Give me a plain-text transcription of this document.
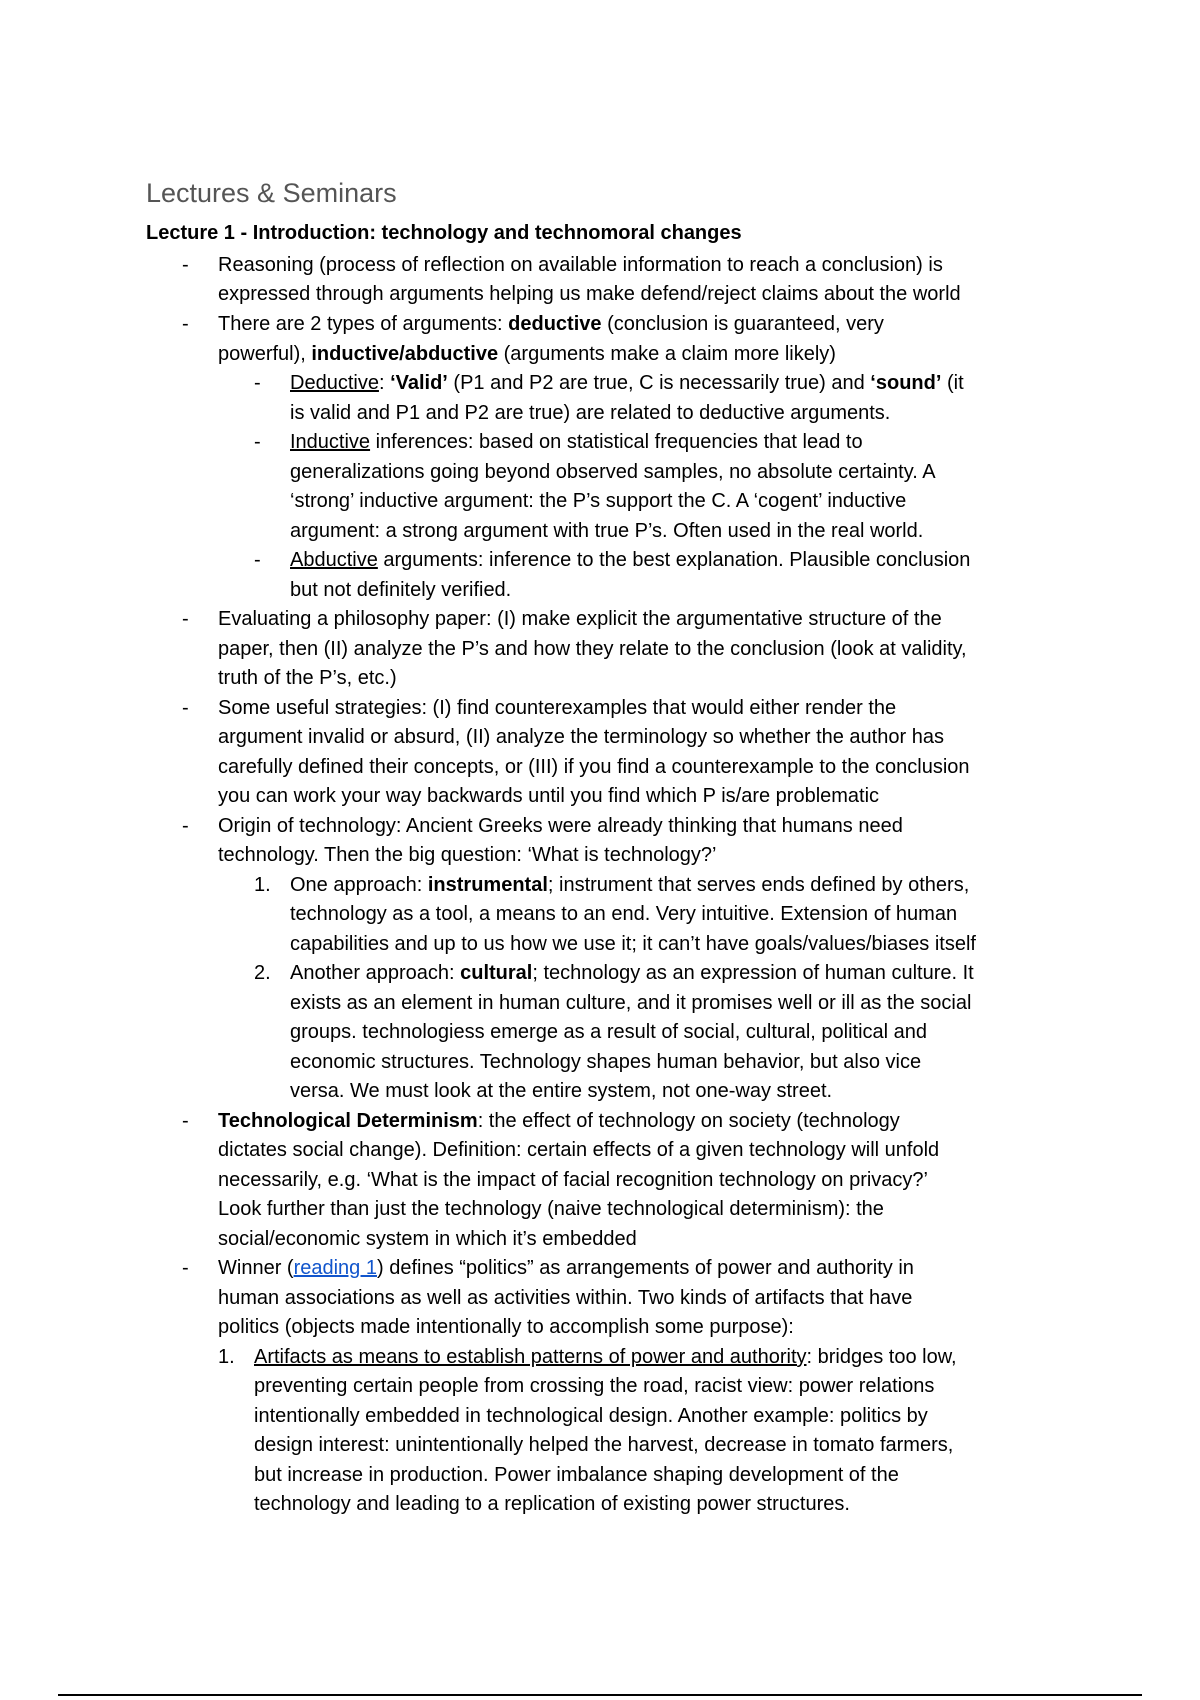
Lectures & Seminars
Lecture 1 - Introduction: technology and technomoral changes
- Reasoning (process of reflection on available information to reach a conclusion) is
expressed through arguments helping us make defend/reject claims about the world
- There are 2 types of arguments: deductive (conclusion is guaranteed, very
powerful), inductive/abductive (arguments make a claim more likely)
- Deductive: ‘Valid’ (P1 and P2 are true, C is necessarily true) and ‘sound’ (it
is valid and P1 and P2 are true) are related to deductive arguments.
- Inductive inferences: based on statistical frequencies that lead to
generalizations going beyond observed samples, no absolute certainty. A
‘strong’ inductive argument: the P’s support the C. A ‘cogent’ inductive
argument: a strong argument with true P’s. Often used in the real world.
- Abductive arguments: inference to the best explanation. Plausible conclusion
but not definitely verified.
- Evaluating a philosophy paper: (I) make explicit the argumentative structure of the
paper, then (II) analyze the P’s and how they relate to the conclusion (look at validity,
truth of the P’s, etc.)
- Some useful strategies: (I) find counterexamples that would either render the
argument invalid or absurd, (II) analyze the terminology so whether the author has
carefully defined their concepts, or (III) if you find a counterexample to the conclusion
you can work your way backwards until you find which P is/are problematic
- Origin of technology: Ancient Greeks were already thinking that humans need
technology. Then the big question: ‘What is technology?’
1. One approach: instrumental; instrument that serves ends defined by others,
technology as a tool, a means to an end. Very intuitive. Extension of human
capabilities and up to us how we use it; it can’t have goals/values/biases itself
2. Another approach: cultural; technology as an expression of human culture. It
exists as an element in human culture, and it promises well or ill as the social
groups. technologiess emerge as a result of social, cultural, political and
economic structures. Technology shapes human behavior, but also vice
versa. We must look at the entire system, not one-way street.
- Technological Determinism: the effect of technology on society (technology
dictates social change). Definition: certain effects of a given technology will unfold
necessarily, e.g. ‘What is the impact of facial recognition technology on privacy?’
Look further than just the technology (naive technological determinism): the
social/economic system in which it’s embedded
- Winner (reading 1) defines “politics” as arrangements of power and authority in
human associations as well as activities within. Two kinds of artifacts that have
politics (objects made intentionally to accomplish some purpose):
1. Artifacts as means to establish patterns of power and authority: bridges too low,
preventing certain people from crossing the road, racist view: power relations
intentionally embedded in technological design. Another example: politics by
design interest: unintentionally helped the harvest, decrease in tomato farmers,
but increase in production. Power imbalance shaping development of the
technology and leading to a replication of existing power structures.
